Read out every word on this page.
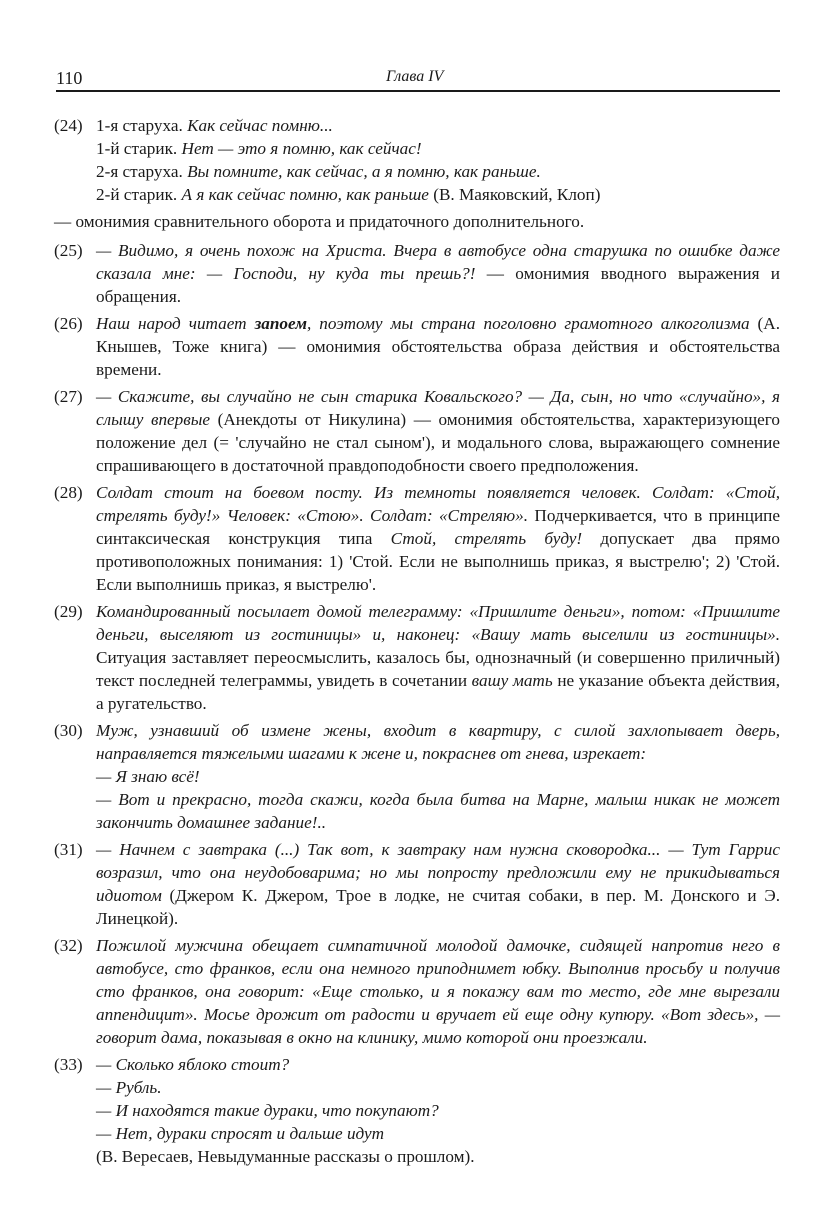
110	Глава IV
(24) 1-я старуха. Как сейчас помню...
1-й старик. Нет — это я помню, как сейчас!
2-я старуха. Вы помните, как сейчас, а я помню, как раньше.
2-й старик. А я как сейчас помню, как раньше (В. Маяковский, Клоп)
— омонимия сравнительного оборота и придаточного дополнительного.
(25) — Видимо, я очень похож на Христа. Вчера в автобусе одна старушка по ошибке даже сказала мне: — Господи, ну куда ты прешь?! — омонимия вводного выражения и обращения.
(26) Наш народ читает запоем, поэтому мы страна поголовно грамотного алкоголизма (А. Кнышев, Тоже книга) — омонимия обстоятельства образа действия и обстоятельства времени.
(27) — Скажите, вы случайно не сын старика Ковальского? — Да, сын, но что «случайно», я слышу впервые (Анекдоты от Никулина) — омонимия обстоятельства, характеризующего положение дел (= 'случайно не стал сыном'), и модального слова, выражающего сомнение спрашивающего в достаточной правдоподобности своего предположения.
(28) Солдат стоит на боевом посту. Из темноты появляется человек. Солдат: «Стой, стрелять буду!» Человек: «Стою». Солдат: «Стреляю». Подчеркивается, что в принципе синтаксическая конструкция типа Стой, стрелять буду! допускает два прямо противоположных понимания: 1) 'Стой. Если не выполнишь приказ, я выстрелю'; 2) 'Стой. Если выполнишь приказ, я выстрелю'.
(29) Командированный посылает домой телеграмму: «Пришлите деньги», потом: «Пришлите деньги, выселяют из гостиницы» и, наконец: «Вашу мать выселили из гостиницы». Ситуация заставляет переосмыслить, казалось бы, однозначный (и совершенно приличный) текст последней телеграммы, увидеть в сочетании вашу мать не указание объекта действия, а ругательство.
(30) Муж, узнавший об измене жены, входит в квартиру, с силой захлопывает дверь, направляется тяжелыми шагами к жене и, покраснев от гнева, изрекает:
— Я знаю всё!
— Вот и прекрасно, тогда скажи, когда была битва на Марне, малыш никак не может закончить домашнее задание!..
(31) — Начнем с завтрака (...) Так вот, к завтраку нам нужна сковородка... — Тут Гаррис возразил, что она неудобоварима; но мы попросту предложили ему не прикидываться идиотом (Джером К. Джером, Трое в лодке, не считая собаки, в пер. М. Донского и Э. Линецкой).
(32) Пожилой мужчина обещает симпатичной молодой дамочке, сидящей напротив него в автобусе, сто франков, если она немного приподнимет юбку. Выполнив просьбу и получив сто франков, она говорит: «Еще столько, и я покажу вам то место, где мне вырезали аппендицит». Мосье дрожит от радости и вручает ей еще одну купюру. «Вот здесь», — говорит дама, показывая в окно на клинику, мимо которой они проезжали.
(33) — Сколько яблоко стоит?
— Рубль.
— И находятся такие дураки, что покупают?
— Нет, дураки спросят и дальше идут
(В. Вересаев, Невыдуманные рассказы о прошлом).
